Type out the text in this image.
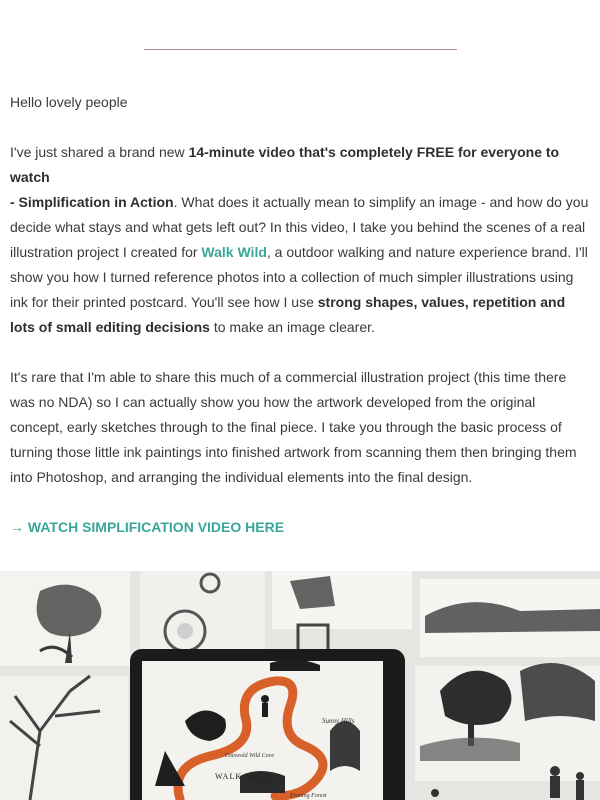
Hello lovely people

I've just shared a brand new 14-minute video that's completely FREE for everyone to watch
- Simplification in Action. What does it actually mean to simplify an image - and how do you decide what stays and what gets left out? In this video, I take you behind the scenes of a real illustration project I created for Walk Wild, a outdoor walking and nature experience brand. I'll show you how I turned reference photos into a collection of much simpler illustrations using ink for their printed postcard. You'll see how I use strong shapes, values, repetition and lots of small editing decisions to make an image clearer.

It's rare that I'm able to share this much of a commercial illustration project (this time there was no NDA) so I can actually show you how the artwork developed from the original concept, early sketches through to the final piece. I take you through the basic process of turning those little ink paintings into finished artwork from scanning them then bringing them into Photoshop, and arranging the individual elements into the final design.

→ WATCH SIMPLIFICATION VIDEO HERE

Sunny Hills
Cotswold Wild Cove
Evening Forest
WALK WILD
